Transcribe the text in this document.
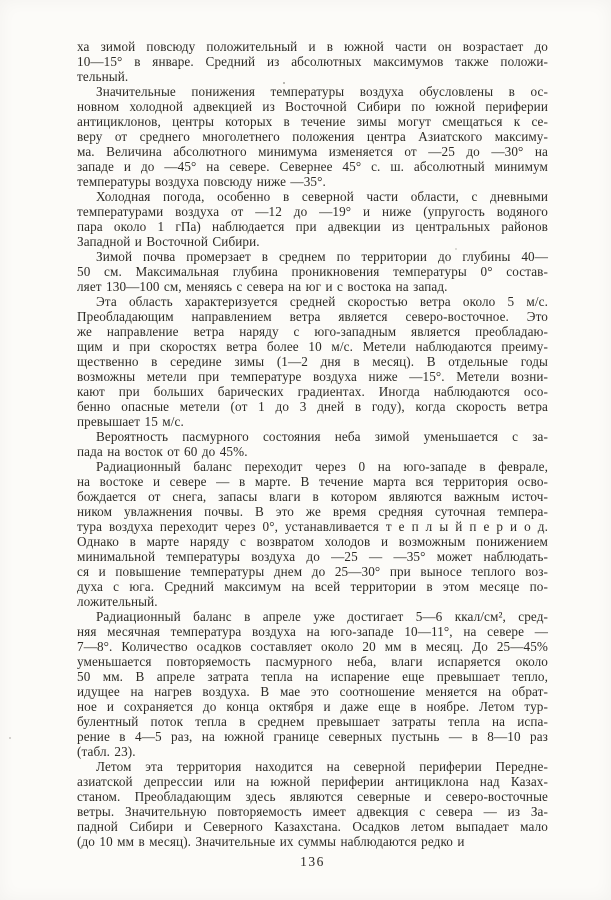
ха зимой повсюду положительный и в южной части он возрастает до
10—15° в январе. Средний из абсолютных максимумов также положи-
тельный.
Значительные понижения температуры воздуха обусловлены в ос-
новном холодной адвекцией из Восточной Сибири по южной периферии
антициклонов, центры которых в течение зимы могут смещаться к се-
веру от среднего многолетнего положения центра Азиатского максиму-
ма. Величина абсолютного минимума изменяется от —25 до —30° на
западе и до —45° на севере. Севернее 45° с. ш. абсолютный минимум
температуры воздуха повсюду ниже —35°.
Холодная погода, особенно в северной части области, с дневными
температурами воздуха от —12 до —19° и ниже (упругость водяного
пара около 1 гПа) наблюдается при адвекции из центральных районов
Западной и Восточной Сибири.
Зимой почва промерзает в среднем по территории до глубины 40—
50 см. Максимальная глубина проникновения температуры 0° состав-
ляет 130—100 см, меняясь с севера на юг и с востока на запад.
Эта область характеризуется средней скоростью ветра около 5 м/с.
Преобладающим направлением ветра является северо-восточное. Это
же направление ветра наряду с юго-западным является преобладаю-
щим и при скоростях ветра более 10 м/с. Метели наблюдаются преиму-
щественно в середине зимы (1—2 дня в месяц). В отдельные годы
возможны метели при температуре воздуха ниже —15°. Метели возни-
кают при больших барических градиентах. Иногда наблюдаются осо-
бенно опасные метели (от 1 до 3 дней в году), когда скорость ветра
превышает 15 м/с.
Вероятность пасмурного состояния неба зимой уменьшается с за-
пада на восток от 60 до 45%.
Радиационный баланс переходит через 0 на юго-западе в феврале,
на востоке и севере — в марте. В течение марта вся территория осво-
бождается от снега, запасы влаги в котором являются важным источ-
ником увлажнения почвы. В это же время средняя суточная темпера-
тура воздуха переходит через 0°, устанавливается т е п л ы й п е р и о д.
Однако в марте наряду с возвратом холодов и возможным понижением
минимальной температуры воздуха до —25 — —35° может наблюдать-
ся и повышение температуры днем до 25—30° при выносе теплого воз-
духа с юга. Средний максимум на всей территории в этом месяце по-
ложительный.
Радиационный баланс в апреле уже достигает 5—6 ккал/см², сред-
няя месячная температура воздуха на юго-западе 10—11°, на севере —
7—8°. Количество осадков составляет около 20 мм в месяц. До 25—45%
уменьшается повторяемость пасмурного неба, влаги испаряется около
50 мм. В апреле затрата тепла на испарение еще превышает тепло,
идущее на нагрев воздуха. В мае это соотношение меняется на обрат-
ное и сохраняется до конца октября и даже еще в ноябре. Летом тур-
булентный поток тепла в среднем превышает затраты тепла на испа-
рение в 4—5 раз, на южной границе северных пустынь — в 8—10 раз
(табл. 23).
Летом эта территория находится на северной периферии Передне-
азиатской депрессии или на южной периферии антициклона над Казах-
станом. Преобладающим здесь являются северные и северо-восточные
ветры. Значительную повторяемость имеет адвекция с севера — из За-
падной Сибири и Северного Казахстана. Осадков летом выпадает мало
(до 10 мм в месяц). Значительные их суммы наблюдаются редко и
136
